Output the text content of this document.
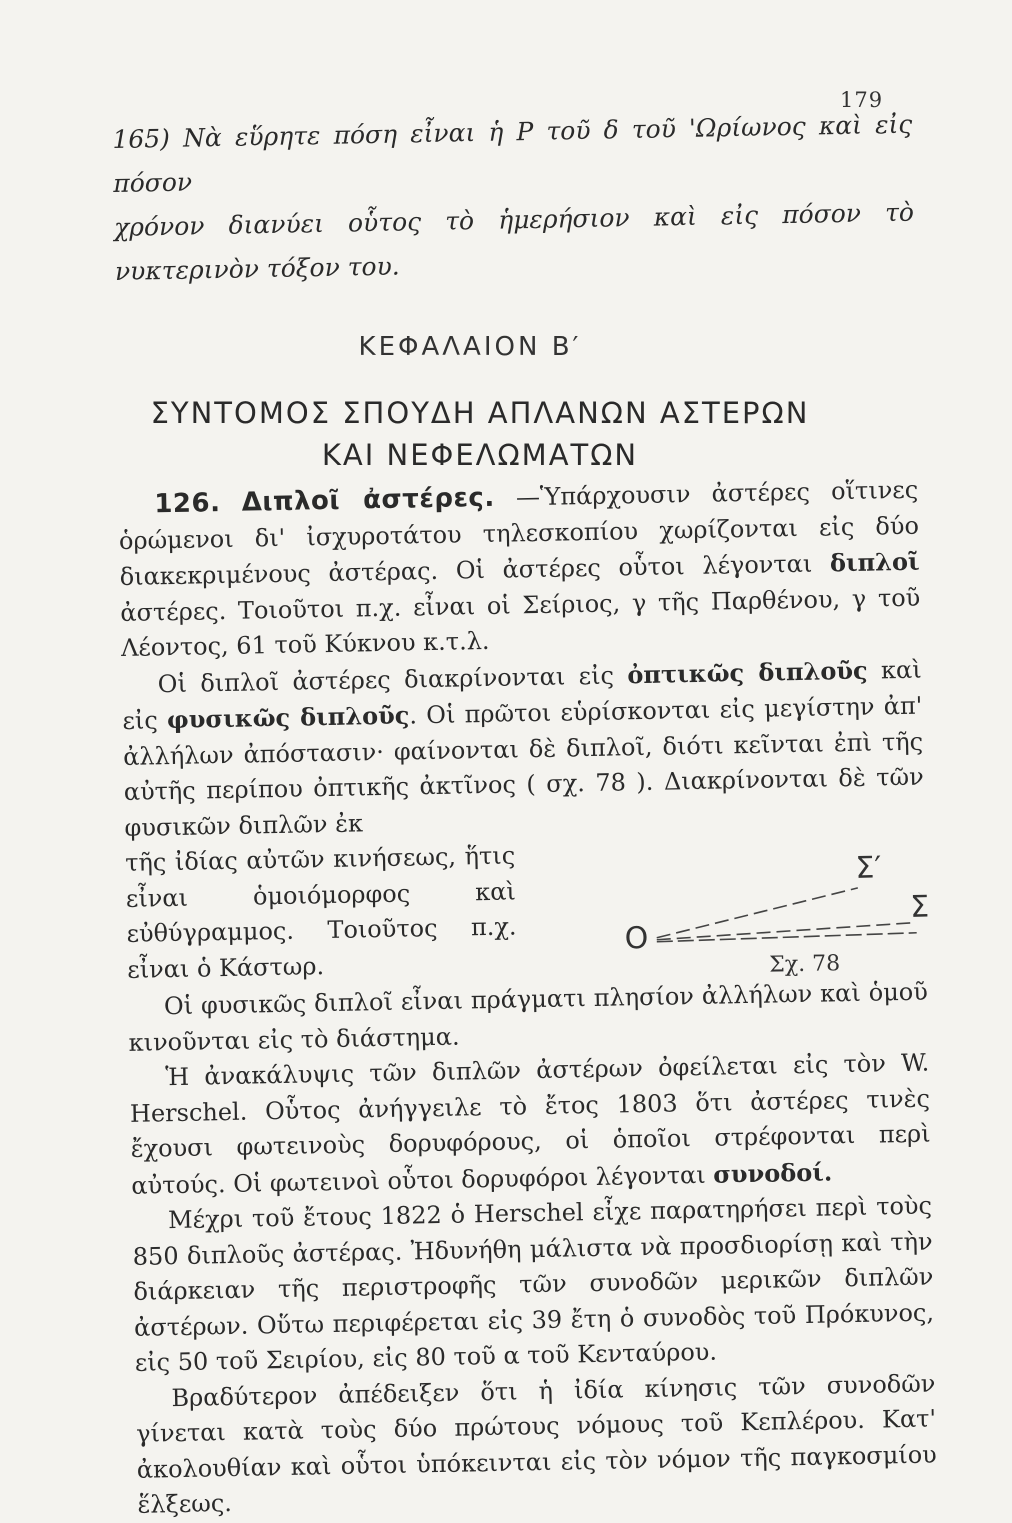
179

165) Νὰ εὕρητε πόση εἶναι ἡ Ρ τοῦ δ τοῦ 'Ωρίωνος καὶ εἰς πόσον

χρόνον διανύει οὗτος τὸ ἡμερήσιον καὶ εἰς πόσον τὸ νυκτερινὸν τόξον του.

ΚΕΦΑΛΑΙΟΝ Β′
ΣΥΝΤΟΜΟΣ ΣΠΟΥΔΗ ΑΠΛΑΝΩΝ ΑΣΤΕΡΩΝ
ΚΑΙ ΝΕΦΕΛΩΜΑΤΩΝ

126. Διπλοῖ ἀστέρες. —Ὑπάρχουσιν ἀστέρες οἵτινες ὁρώμενοι δι' ἰσχυροτάτου τηλεσκοπίου χωρίζονται εἰς δύο διακεκριμένους ἀστέρας. Οἱ ἀστέρες οὗτοι λέγονται διπλοῖ ἀστέρες. Τοιοῦτοι π.χ. εἶναι οἱ Σείριος, γ τῆς Παρθένου, γ τοῦ Λέοντος, 61 τοῦ Κύκνου κ.τ.λ.

Οἱ διπλοῖ ἀστέρες διακρίνονται εἰς ὀπτικῶς διπλοῦς καὶ εἰς φυσικῶς διπλοῦς. Οἱ πρῶτοι εὑρίσκονται εἰς μεγίστην ἀπ' ἀλλήλων ἀπόστασιν· φαίνονται δὲ διπλοῖ, διότι κεῖνται ἐπὶ τῆς αὐτῆς περίπου ὀπτικῆς ἀκτῖνος ( σχ. 78 ). Διακρίνονται δὲ τῶν φυσικῶν διπλῶν ἐκ

τῆς ἰδίας αὐτῶν κινήσεως, ἥτις εἶναι ὁμοιόμορφος καὶ εὐθύγραμμος. Τοιοῦτος π.χ. εἶναι ὁ Κάστωρ.

Σ′
Σ
O
Σχ. 78

Οἱ φυσικῶς διπλοῖ εἶναι πράγματι πλησίον ἀλλήλων καὶ ὁμοῦ κινοῦνται εἰς τὸ διάστημα.

Ἡ ἀνακάλυψις τῶν διπλῶν ἀστέρων ὀφείλεται εἰς τὸν W. Herschel. Οὗτος ἀνήγγειλε τὸ ἔτος 1803 ὅτι ἀστέρες τινὲς ἔχουσι φωτεινοὺς δορυφόρους, οἱ ὁποῖοι στρέφονται περὶ αὐτούς. Οἱ φωτεινοὶ οὗτοι δορυφόροι λέγονται συνοδοί.

Μέχρι τοῦ ἔτους 1822 ὁ Herschel εἶχε παρατηρήσει περὶ τοὺς 850 διπλοῦς ἀστέρας. Ἠδυνήθη μάλιστα νὰ προσδιορίσῃ καὶ τὴν διάρκειαν τῆς περιστροφῆς τῶν συνοδῶν μερικῶν διπλῶν ἀστέρων. Οὕτω περιφέρεται εἰς 39 ἔτη ὁ συνοδὸς τοῦ Πρόκυνος, εἰς 50 τοῦ Σειρίου, εἰς 80 τοῦ α τοῦ Κενταύρου.

Βραδύτερον ἀπέδειξεν ὅτι ἡ ἰδία κίνησις τῶν συνοδῶν γίνεται κατὰ τοὺς δύο πρώτους νόμους τοῦ Κεπλέρου. Κατ' ἀκολουθίαν καὶ οὗτοι ὑπόκεινται εἰς τὸν νόμον τῆς παγκοσμίου ἕλξεως.
